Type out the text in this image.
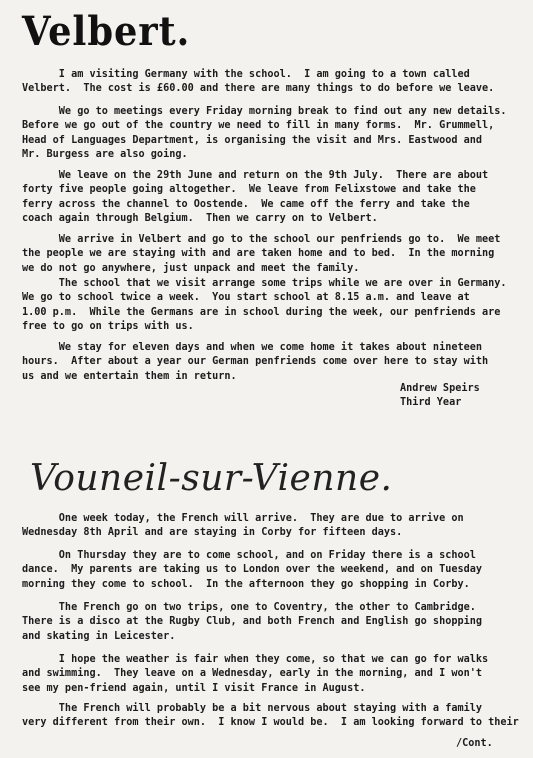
Velbert.

I am visiting Germany with the school.  I am going to a town called
Velbert.  The cost is £60.00 and there are many things to do before we leave.

We go to meetings every Friday morning break to find out any new details.
Before we go out of the country we need to fill in many forms.  Mr. Grummell,
Head of Languages Department, is organising the visit and Mrs. Eastwood and
Mr. Burgess are also going.

We leave on the 29th June and return on the 9th July.  There are about
forty five people going altogether.  We leave from Felixstowe and take the
ferry across the channel to Oostende.  We came off the ferry and take the
coach again through Belgium.  Then we carry on to Velbert.

We arrive in Velbert and go to the school our penfriends go to.  We meet
the people we are staying with and are taken home and to bed.  In the morning
we do not go anywhere, just unpack and meet the family.

The school that we visit arrange some trips while we are over in Germany.
We go to school twice a week.  You start school at 8.15 a.m. and leave at
1.00 p.m.  While the Germans are in school during the week, our penfriends are
free to go on trips with us.

We stay for eleven days and when we come home it takes about nineteen
hours.  After about a year our German penfriends come over here to stay with
us and we entertain them in return.

Andrew Speirs
Third Year
Vouneil-sur-Vienne.

One week today, the French will arrive.  They are due to arrive on
Wednesday 8th April and are staying in Corby for fifteen days.

On Thursday they are to come school, and on Friday there is a school
dance.  My parents are taking us to London over the weekend, and on Tuesday
morning they come to school.  In the afternoon they go shopping in Corby.

The French go on two trips, one to Coventry, the other to Cambridge.
There is a disco at the Rugby Club, and both French and English go shopping
and skating in Leicester.

I hope the weather is fair when they come, so that we can go for walks
and swimming.  They leave on a Wednesday, early in the morning, and I won't
see my pen-friend again, until I visit France in August.

The French will probably be a bit nervous about staying with a family
very different from their own.  I know I would be.  I am looking forward to their

/Cont.
